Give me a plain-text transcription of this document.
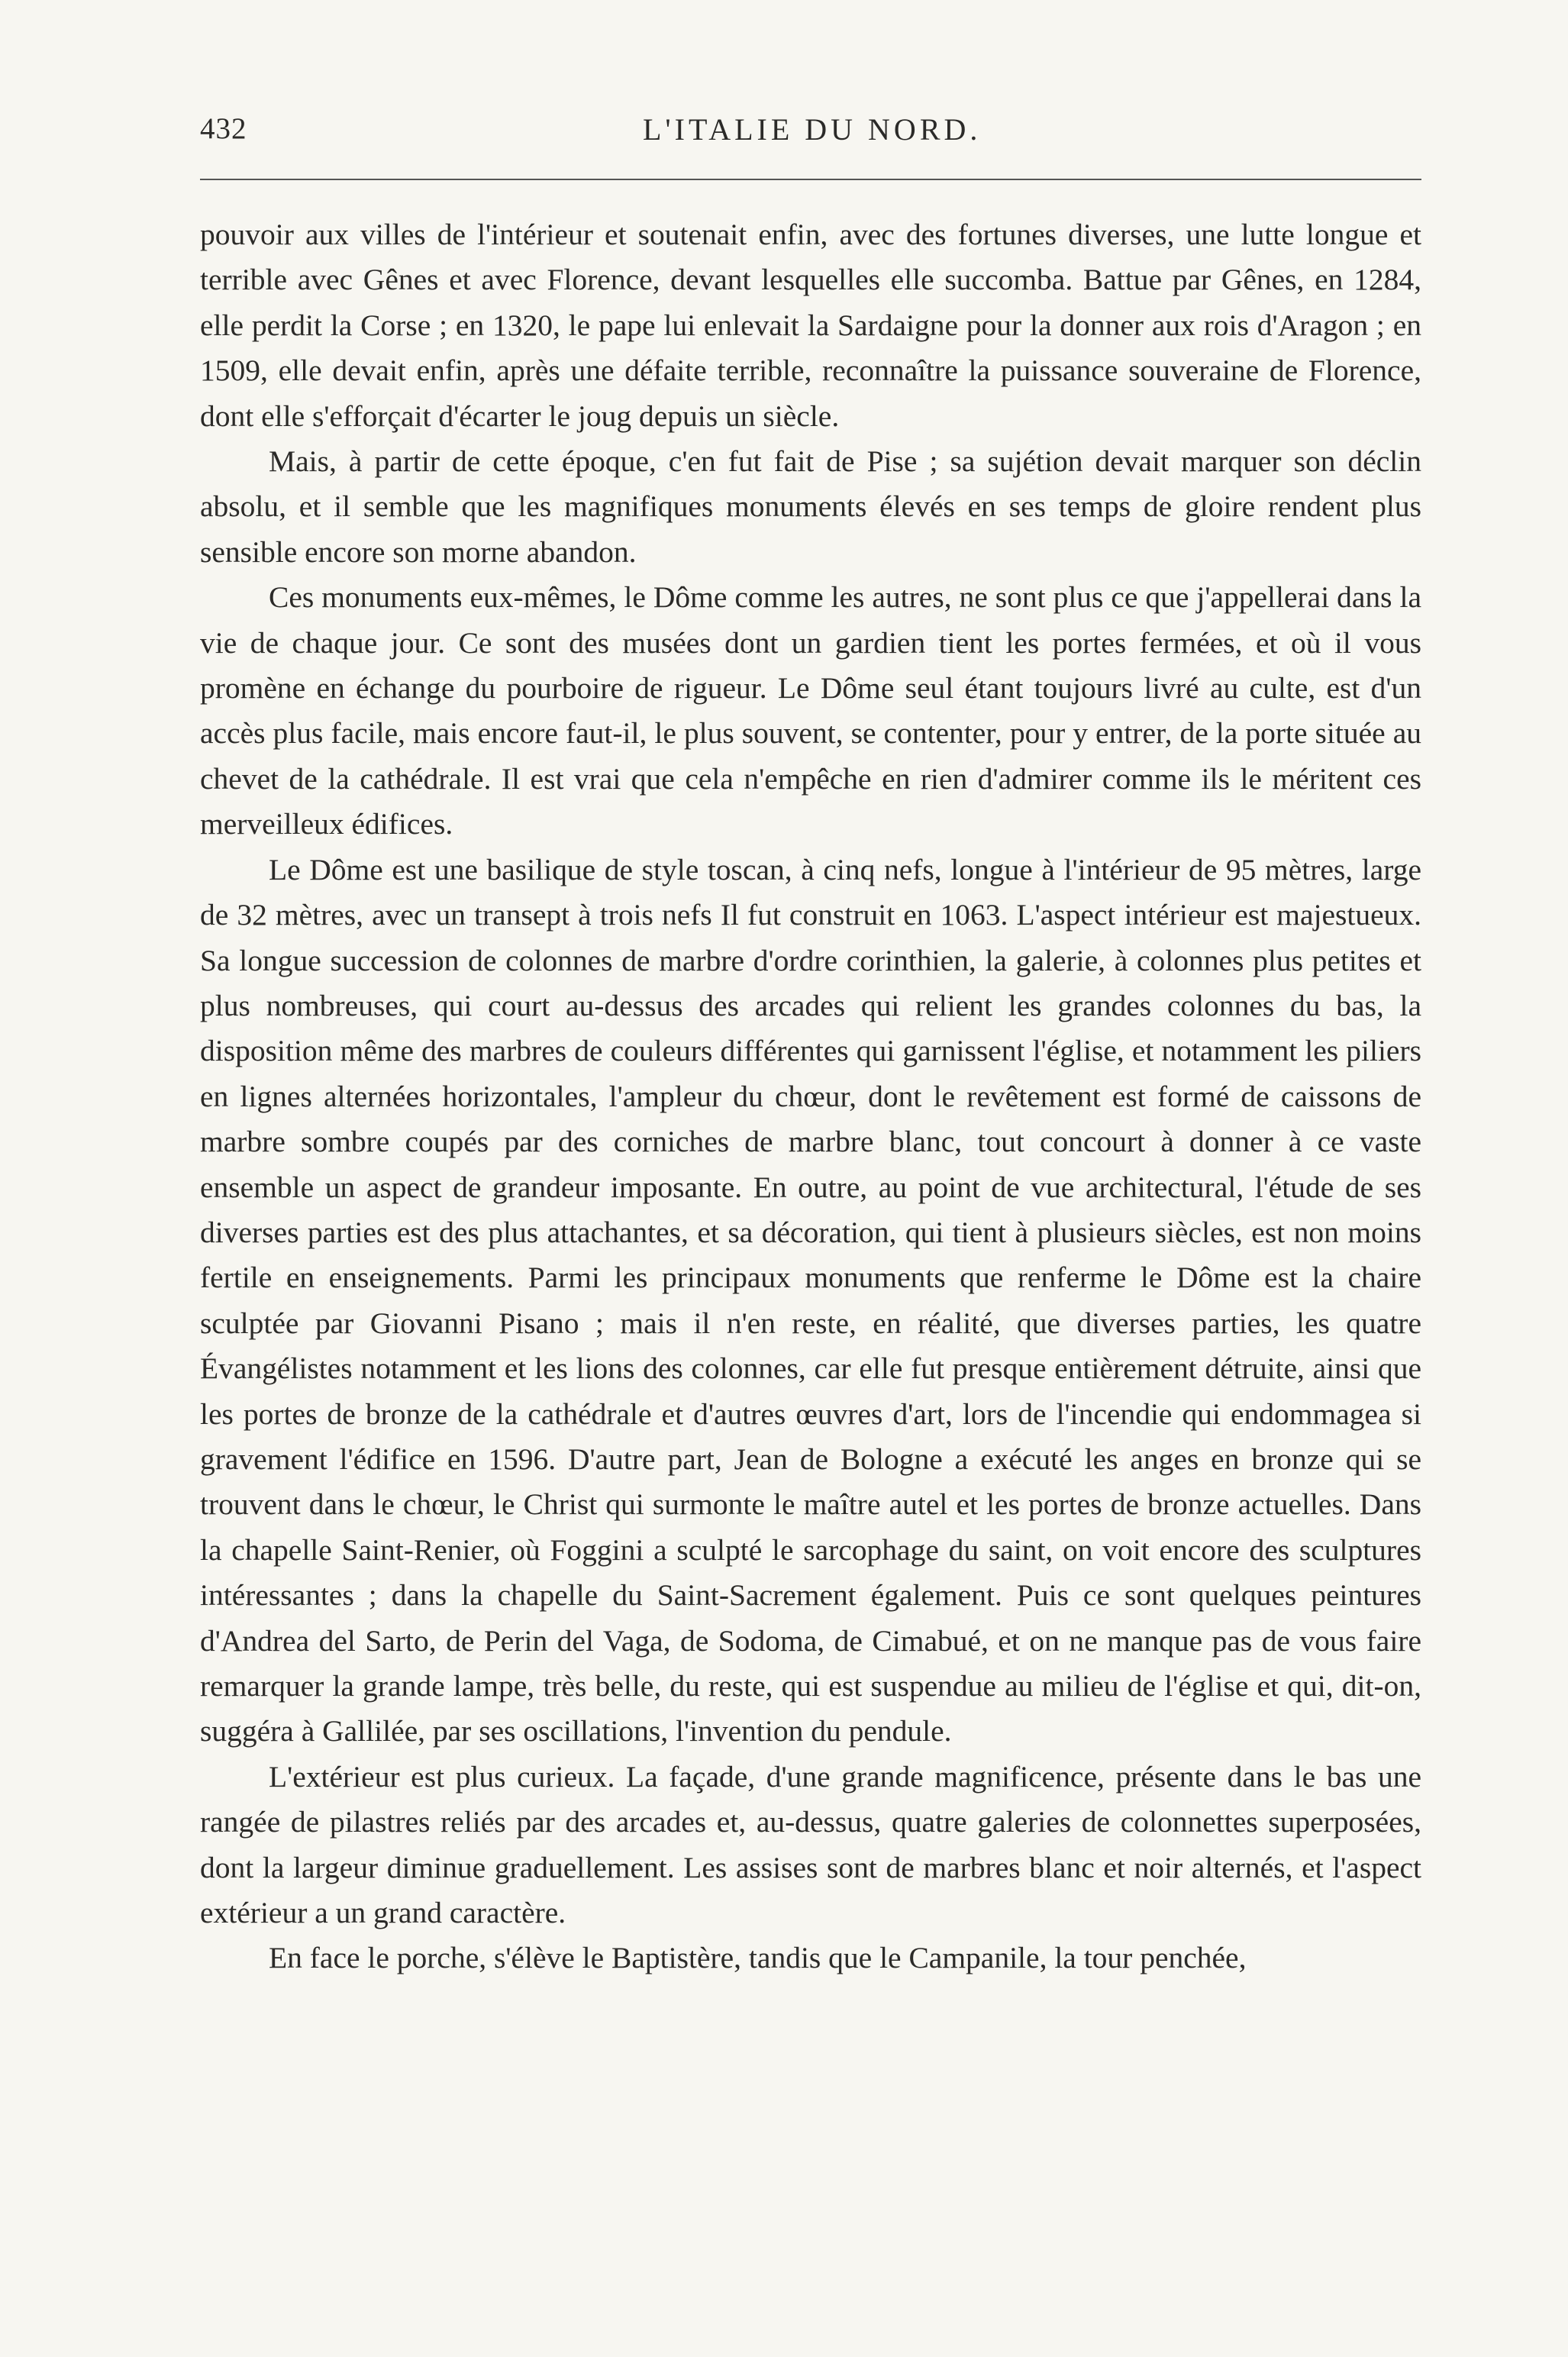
432	L'ITALIE DU NORD.

pouvoir aux villes de l'intérieur et soutenait enfin, avec des fortunes diverses, une lutte longue et terrible avec Gênes et avec Florence, devant lesquelles elle succomba. Battue par Gênes, en 1284, elle perdit la Corse ; en 1320, le pape lui enlevait la Sardaigne pour la donner aux rois d'Aragon ; en 1509, elle devait enfin, après une défaite terrible, reconnaître la puissance souveraine de Florence, dont elle s'efforçait d'écarter le joug depuis un siècle.

Mais, à partir de cette époque, c'en fut fait de Pise ; sa sujétion devait marquer son déclin absolu, et il semble que les magnifiques monuments élevés en ses temps de gloire rendent plus sensible encore son morne abandon.

Ces monuments eux-mêmes, le Dôme comme les autres, ne sont plus ce que j'appellerai dans la vie de chaque jour. Ce sont des musées dont un gardien tient les portes fermées, et où il vous promène en échange du pourboire de rigueur. Le Dôme seul étant toujours livré au culte, est d'un accès plus facile, mais encore faut-il, le plus souvent, se contenter, pour y entrer, de la porte située au chevet de la cathédrale. Il est vrai que cela n'empêche en rien d'admirer comme ils le méritent ces merveilleux édifices.

Le Dôme est une basilique de style toscan, à cinq nefs, longue à l'intérieur de 95 mètres, large de 32 mètres, avec un transept à trois nefs Il fut construit en 1063. L'aspect intérieur est majestueux. Sa longue succession de colonnes de marbre d'ordre corinthien, la galerie, à colonnes plus petites et plus nombreuses, qui court au-dessus des arcades qui relient les grandes colonnes du bas, la disposition même des marbres de couleurs différentes qui garnissent l'église, et notamment les piliers en lignes alternées horizontales, l'ampleur du chœur, dont le revêtement est formé de caissons de marbre sombre coupés par des corniches de marbre blanc, tout concourt à donner à ce vaste ensemble un aspect de grandeur imposante. En outre, au point de vue architectural, l'étude de ses diverses parties est des plus attachantes, et sa décoration, qui tient à plusieurs siècles, est non moins fertile en enseignements. Parmi les principaux monuments que renferme le Dôme est la chaire sculptée par Giovanni Pisano ; mais il n'en reste, en réalité, que diverses parties, les quatre Évangélistes notamment et les lions des colonnes, car elle fut presque entièrement détruite, ainsi que les portes de bronze de la cathédrale et d'autres œuvres d'art, lors de l'incendie qui endommagea si gravement l'édifice en 1596. D'autre part, Jean de Bologne a exécuté les anges en bronze qui se trouvent dans le chœur, le Christ qui surmonte le maître autel et les portes de bronze actuelles. Dans la chapelle Saint-Renier, où Foggini a sculpté le sarcophage du saint, on voit encore des sculptures intéressantes ; dans la chapelle du Saint-Sacrement également. Puis ce sont quelques peintures d'Andrea del Sarto, de Perin del Vaga, de Sodoma, de Cimabué, et on ne manque pas de vous faire remarquer la grande lampe, très belle, du reste, qui est suspendue au milieu de l'église et qui, dit-on, suggéra à Gallilée, par ses oscillations, l'invention du pendule.

L'extérieur est plus curieux. La façade, d'une grande magnificence, présente dans le bas une rangée de pilastres reliés par des arcades et, au-dessus, quatre galeries de colonnettes superposées, dont la largeur diminue graduellement. Les assises sont de marbres blanc et noir alternés, et l'aspect extérieur a un grand caractère.

En face le porche, s'élève le Baptistère, tandis que le Campanile, la tour penchée,
